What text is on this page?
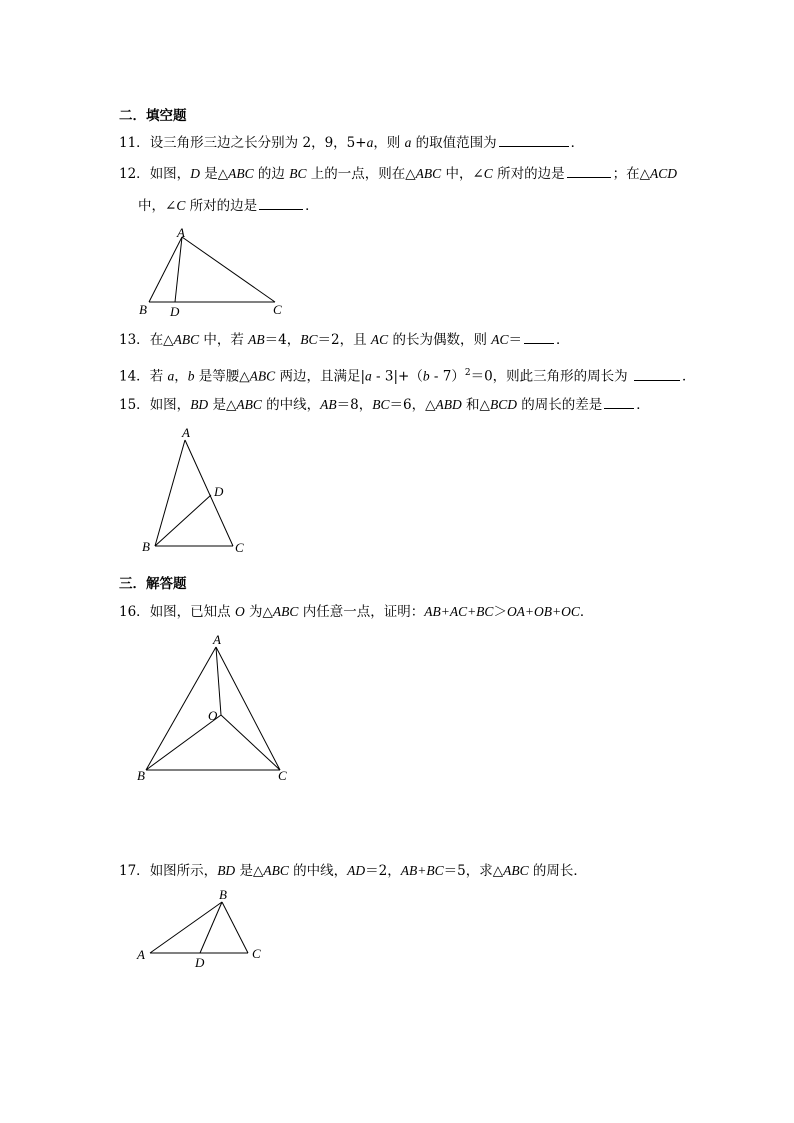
二．填空题
11．设三角形三边之长分别为 2，9，5+a，则 a 的取值范围为	．
12．如图，D 是△ABC 的边 BC 上的一点，则在△ABC 中，∠C 所对的边是	；在△ACD
中，∠C 所对的边是	．
A
B D	C
13．在△ABC 中，若 AB＝4，BC＝2，且 AC 的长为偶数，则 AC＝	．
14．若 a，b 是等腰△ABC 两边，且满足|a - 3|+（b - 7）$^2$＝0，则此三角形的周长为	．
15．如图，BD 是△ABC 的中线，AB＝8，BC＝6，△ABD 和△BCD 的周长的差是	．
A
D
B	C
三．解答题
16．如图，已知点 O 为△ABC 内任意一点，证明：AB+AC+BC＞OA+OB+OC．
A
O
B	C
17．如图所示，BD 是△ABC 的中线，AD＝2，AB+BC＝5，求△ABC 的周长．
B
A
D
C
